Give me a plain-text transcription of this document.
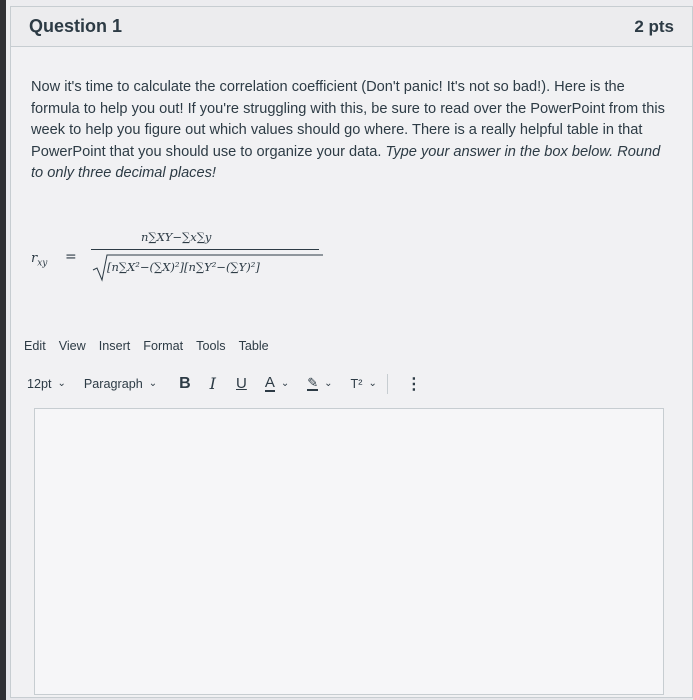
Question 1	2 pts

Now it's time to calculate the correlation coefficient (Don't panic! It's not so bad!). Here is the formula to help you out! If you're struggling with this, be sure to read over the PowerPoint from this week to help you figure out which values should go where. There is a really helpful table in that PowerPoint that you should use to organize your data. Type your answer in the box below. Round to only three decimal places!

$r_{xy}$ =
n∑XY−∑x∑y
[n∑X²−(∑X)²][n∑Y²−(∑Y)²]
Edit View Insert Format Tools Table
12pt ⌄ Paragraph ⌄ B I U A ⌄ ✎ ⌄ T² ⌄ ⋮
